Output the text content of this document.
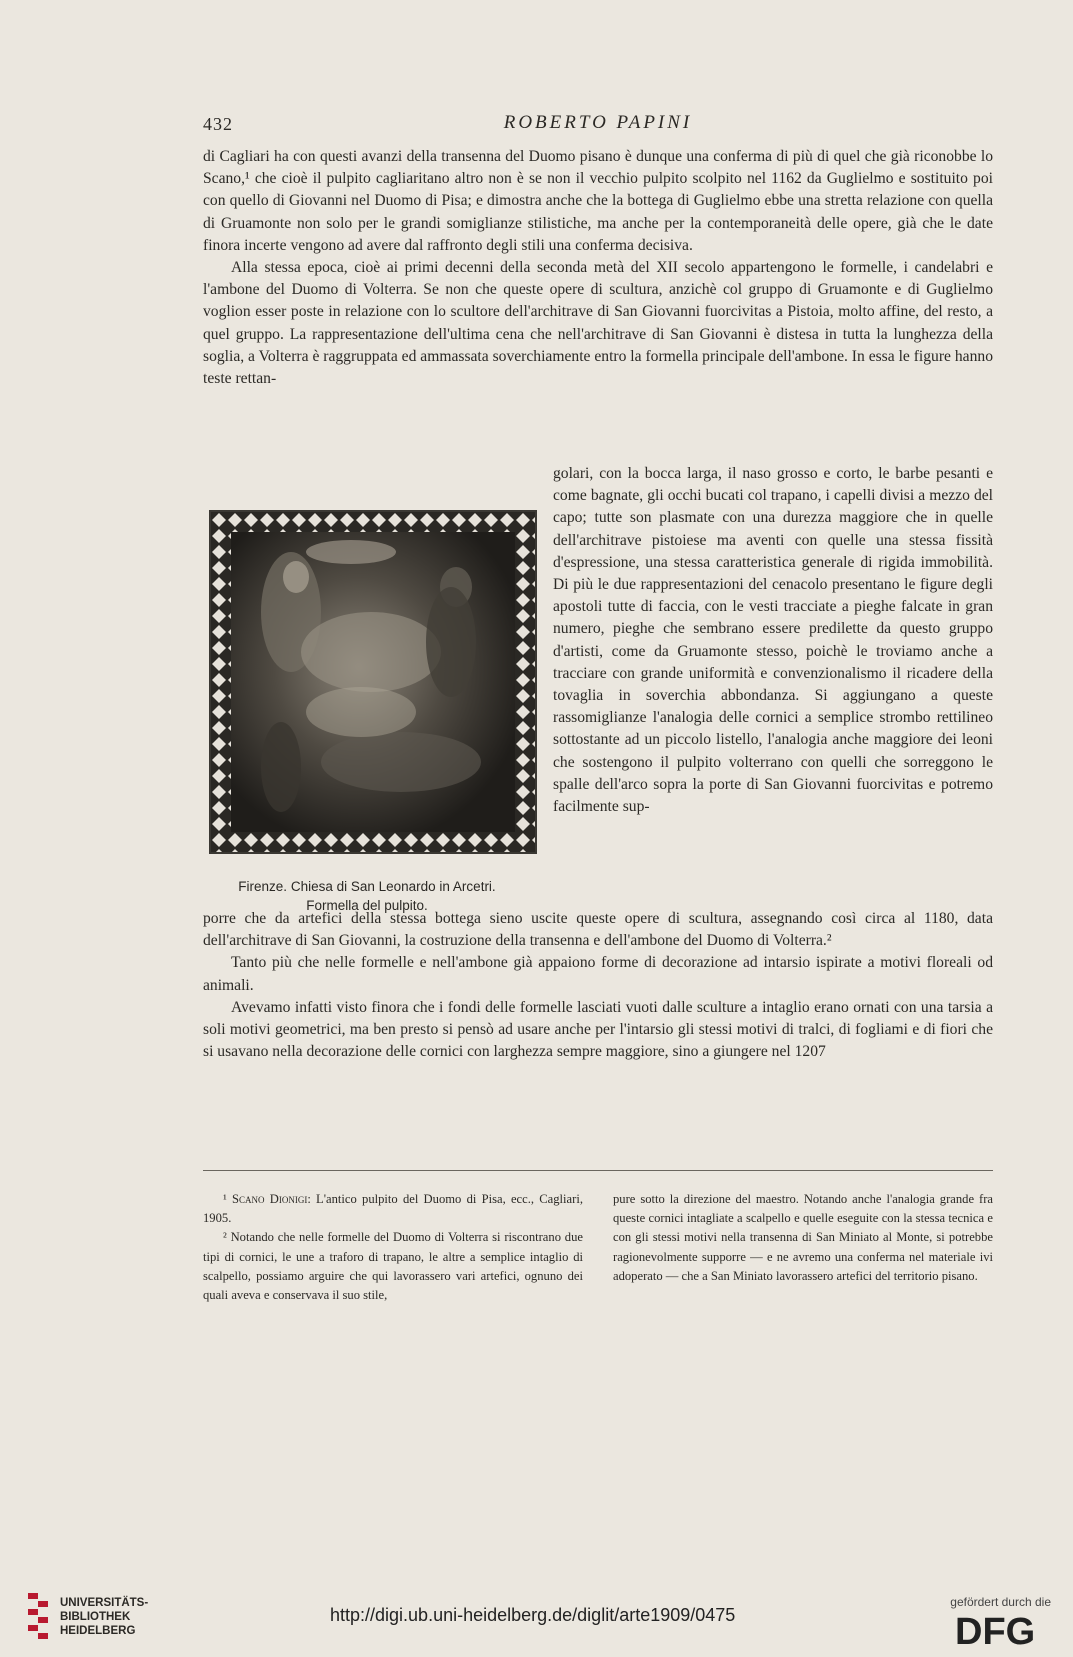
432	ROBERTO PAPINI

di Cagliari ha con questi avanzi della transenna del Duomo pisano è dunque una conferma di più di quel che già riconobbe lo Scano,¹ che cioè il pulpito cagliaritano altro non è se non il vecchio pulpito scolpito nel 1162 da Guglielmo e sostituito poi con quello di Giovanni nel Duomo di Pisa; e dimostra anche che la bottega di Guglielmo ebbe una stretta relazione con quella di Gruamonte non solo per le grandi somiglianze stilistiche, ma anche per la contemporaneità delle opere, già che le date finora incerte vengono ad avere dal raffronto degli stili una conferma decisiva.

Alla stessa epoca, cioè ai primi decenni della seconda metà del XII secolo appartengono le formelle, i candelabri e l'ambone del Duomo di Volterra. Se non che queste opere di scultura, anzichè col gruppo di Gruamonte e di Guglielmo voglion esser poste in relazione con lo scultore dell'architrave di San Giovanni fuorcivitas a Pistoia, molto affine, del resto, a quel gruppo. La rappresentazione dell'ultima cena che nell'architrave di San Giovanni è distesa in tutta la lunghezza della soglia, a Volterra è raggruppata ed ammassata soverchiamente entro la formella principale dell'ambone. In essa le figure hanno teste rettan-

Firenze. Chiesa di San Leonardo in Arcetri.
Formella del pulpito.

golari, con la bocca larga, il naso grosso e corto, le barbe pesanti e come bagnate, gli occhi bucati col trapano, i capelli divisi a mezzo del capo; tutte son plasmate con una durezza maggiore che in quelle dell'architrave pistoiese ma aventi con quelle una stessa fissità d'espressione, una stessa caratteristica generale di rigida immobilità. Di più le due rappresentazioni del cenacolo presentano le figure degli apostoli tutte di faccia, con le vesti tracciate a pieghe falcate in gran numero, pieghe che sembrano essere predilette da questo gruppo d'artisti, come da Gruamonte stesso, poichè le troviamo anche a tracciare con grande uniformità e convenzionalismo il ricadere della tovaglia in soverchia abbondanza. Si aggiungano a queste rassomiglianze l'analogia delle cornici a semplice strombo rettilineo sottostante ad un piccolo listello, l'analogia anche maggiore dei leoni che sostengono il pulpito volterrano con quelli che sorreggono le spalle dell'arco sopra la porte di San Giovanni fuorcivitas e potremo facilmente sup-

porre che da artefici della stessa bottega sieno uscite queste opere di scultura, assegnando così circa al 1180, data dell'architrave di San Giovanni, la costruzione della transenna e dell'ambone del Duomo di Volterra.²

Tanto più che nelle formelle e nell'ambone già appaiono forme di decorazione ad intarsio ispirate a motivi floreali od animali.

Avevamo infatti visto finora che i fondi delle formelle lasciati vuoti dalle sculture a intaglio erano ornati con una tarsia a soli motivi geometrici, ma ben presto si pensò ad usare anche per l'intarsio gli stessi motivi di tralci, di fogliami e di fiori che si usavano nella decorazione delle cornici con larghezza sempre maggiore, sino a giungere nel 1207

¹ Scano Dionigi: L'antico pulpito del Duomo di Pisa, ecc., Cagliari, 1905.

² Notando che nelle formelle del Duomo di Volterra si riscontrano due tipi di cornici, le une a traforo di trapano, le altre a semplice intaglio di scalpello, possiamo arguire che qui lavorassero vari artefici, ognuno dei quali aveva e conservava il suo stile,

pure sotto la direzione del maestro. Notando anche l'analogia grande fra queste cornici intagliate a scalpello e quelle eseguite con la stessa tecnica e con gli stessi motivi nella transenna di San Miniato al Monte, si potrebbe ragionevolmente supporre — e ne avremo una conferma nel materiale ivi adoperato — che a San Miniato lavorassero artefici del territorio pisano.

UNIVERSITÄTS-
BIBLIOTHEK
HEIDELBERG
http://digi.ub.uni-heidelberg.de/diglit/arte1909/0475
gefördert durch die
DFG
